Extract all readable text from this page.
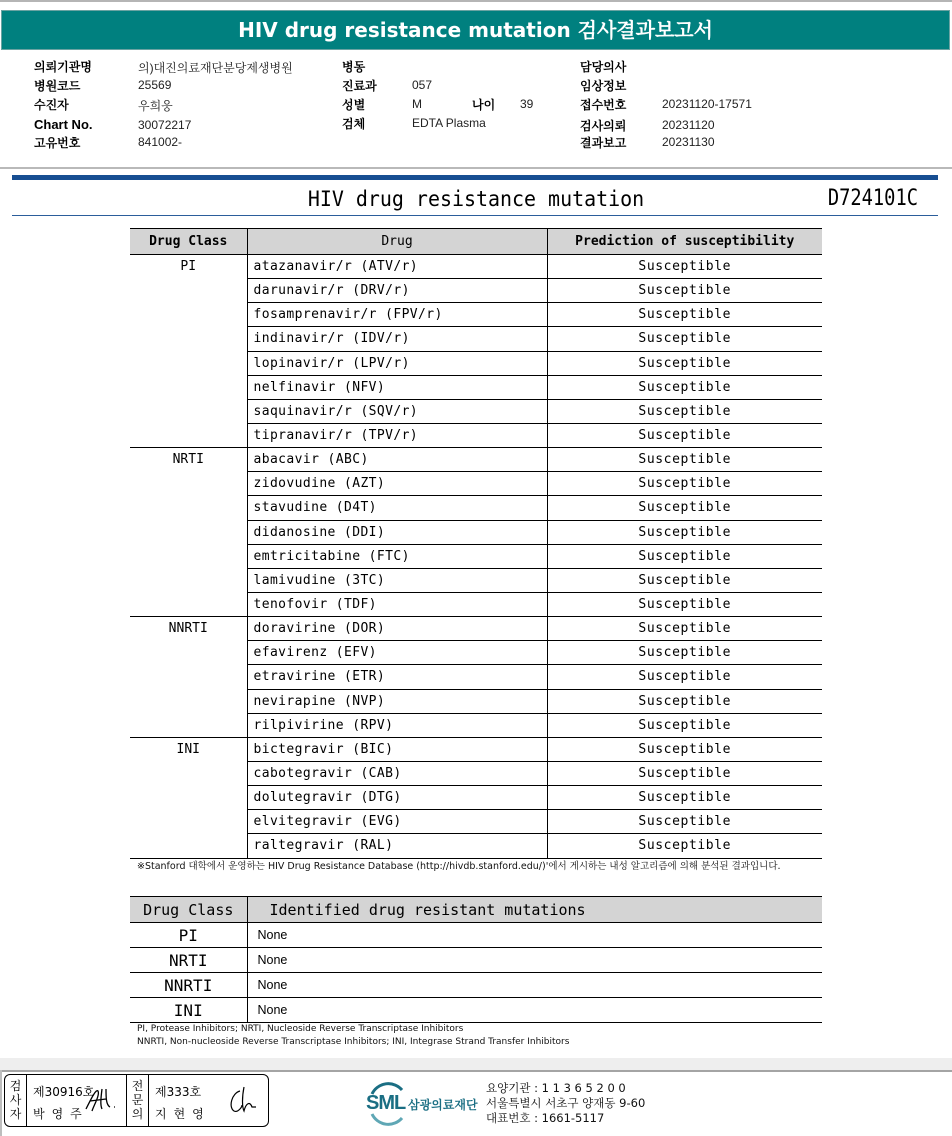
HIV drug resistance mutation 검사결과보고서
의뢰기관명	의)대진의료재단분당제생병원
병원코드	25569
수진자	우희웅
Chart No.	30072217
고유번호	841002-
병동
진료과	057
성별	M	나이 39
검체	EDTA Plasma
담당의사
임상정보
접수번호	20231120-17571
검사의뢰	20231120
결과보고	20231130
HIV drug resistance mutation	D724101C
Drug Class	Drug	Prediction of susceptibility
PI	atazanavir/r (ATV/r)	Susceptible
	darunavir/r (DRV/r)	Susceptible
	fosamprenavir/r (FPV/r)	Susceptible
	indinavir/r (IDV/r)	Susceptible
	lopinavir/r (LPV/r)	Susceptible
	nelfinavir (NFV)	Susceptible
	saquinavir/r (SQV/r)	Susceptible
	tipranavir/r (TPV/r)	Susceptible
NRTI	abacavir (ABC)	Susceptible
	zidovudine (AZT)	Susceptible
	stavudine (D4T)	Susceptible
	didanosine (DDI)	Susceptible
	emtricitabine (FTC)	Susceptible
	lamivudine (3TC)	Susceptible
	tenofovir (TDF)	Susceptible
NNRTI	doravirine (DOR)	Susceptible
	efavirenz (EFV)	Susceptible
	etravirine (ETR)	Susceptible
	nevirapine (NVP)	Susceptible
	rilpivirine (RPV)	Susceptible
INI	bictegravir (BIC)	Susceptible
	cabotegravir (CAB)	Susceptible
	dolutegravir (DTG)	Susceptible
	elvitegravir (EVG)	Susceptible
	raltegravir (RAL)	Susceptible
※Stanford 대학에서 운영하는 HIV Drug Resistance Database (http://hivdb.stanford.edu/)'에서 게시하는 내성 알고리즘에 의해 분석된 결과입니다.
Drug Class	Identified drug resistant mutations
PI	None
NRTI	None
NNRTI	None
INI	None
PI, Protease Inhibitors; NRTI, Nucleoside Reverse Transcriptase Inhibitors
NNRTI, Non-nucleoside Reverse Transcriptase Inhibitors; INI, Integrase Strand Transfer Inhibitors
검
사
자
제30916호
박영주
전
문
의
제333호
지현영	SML 삼광의료재단
요양기관 : 1 1 3 6 5 2 0 0
서울특별시 서초구 양재동 9-60
대표번호 : 1661-5117
